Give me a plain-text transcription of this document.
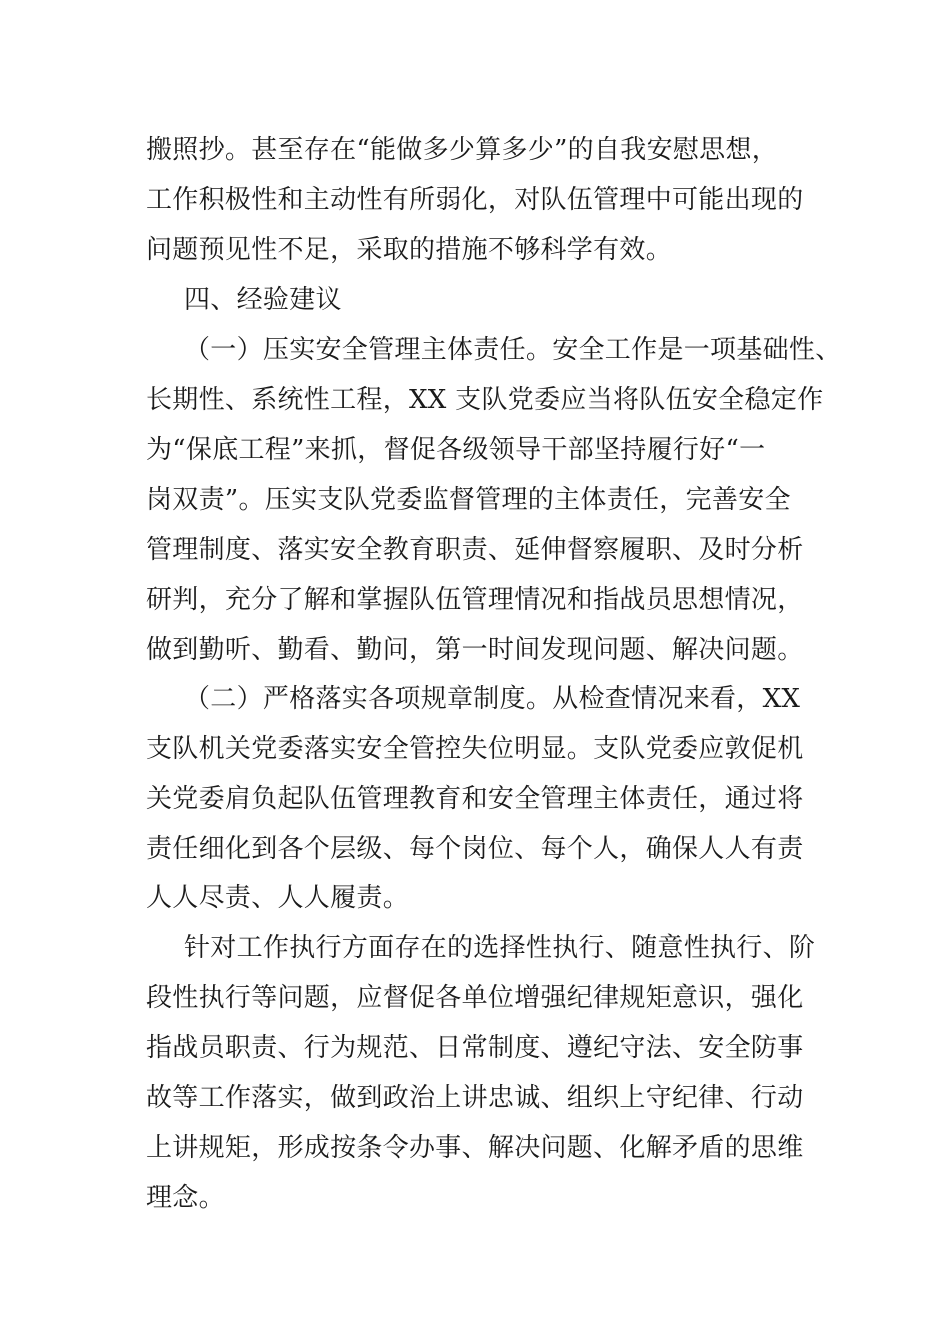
搬照抄。甚至存在“能做多少算多少”的自我安慰思想，
工作积极性和主动性有所弱化，对队伍管理中可能出现的
问题预见性不足，采取的措施不够科学有效。
四、经验建议
（一）压实安全管理主体责任。安全工作是一项基础性、
长期性、系统性工程，XX 支队党委应当将队伍安全稳定作
为“保底工程”来抓，督促各级领导干部坚持履行好“一
岗双责”。压实支队党委监督管理的主体责任，完善安全
管理制度、落实安全教育职责、延伸督察履职、及时分析
研判，充分了解和掌握队伍管理情况和指战员思想情况，
做到勤听、勤看、勤问，第一时间发现问题、解决问题。
（二）严格落实各项规章制度。从检查情况来看，XX
支队机关党委落实安全管控失位明显。支队党委应敦促机
关党委肩负起队伍管理教育和安全管理主体责任，通过将
责任细化到各个层级、每个岗位、每个人，确保人人有责
人人尽责、人人履责。
针对工作执行方面存在的选择性执行、随意性执行、阶
段性执行等问题，应督促各单位增强纪律规矩意识，强化
指战员职责、行为规范、日常制度、遵纪守法、安全防事
故等工作落实，做到政治上讲忠诚、组织上守纪律、行动
上讲规矩，形成按条令办事、解决问题、化解矛盾的思维
理念。
